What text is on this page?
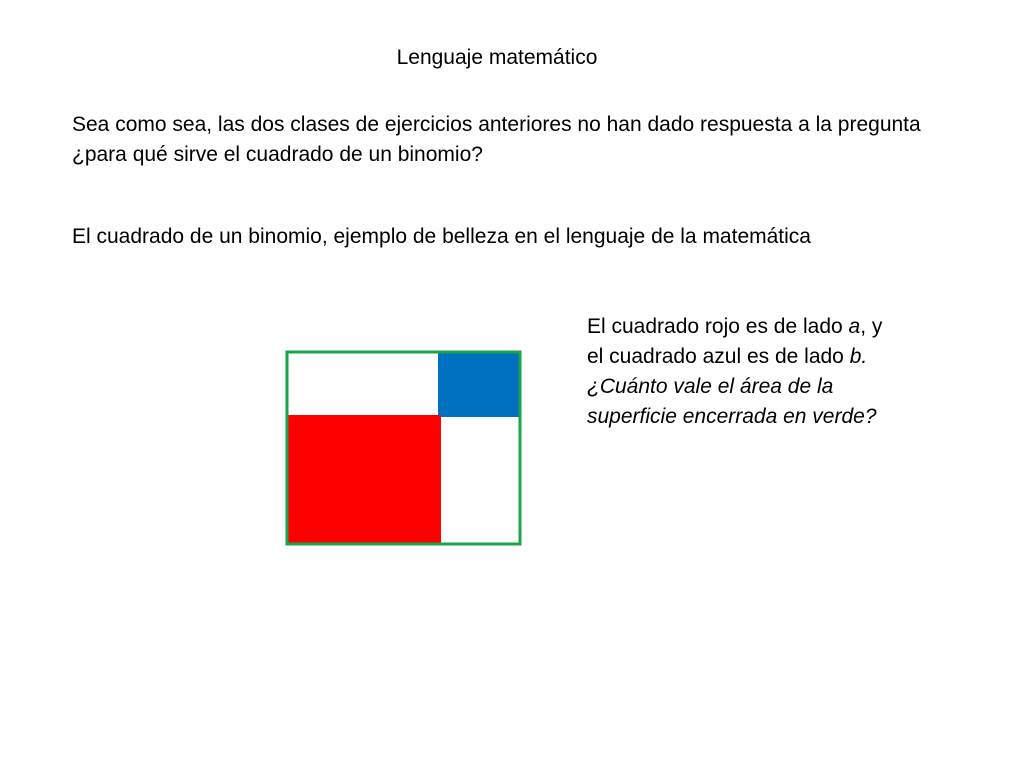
Lenguaje matemático
Sea como sea, las dos clases de ejercicios anteriores no han dado respuesta a la pregunta ¿para qué sirve el cuadrado de un binomio?
El cuadrado de un binomio, ejemplo de belleza en el lenguaje de la matemática
El cuadrado rojo es de lado a, y
el cuadrado azul es de lado b.
¿Cuánto vale el área de la
superficie encerrada en verde?
